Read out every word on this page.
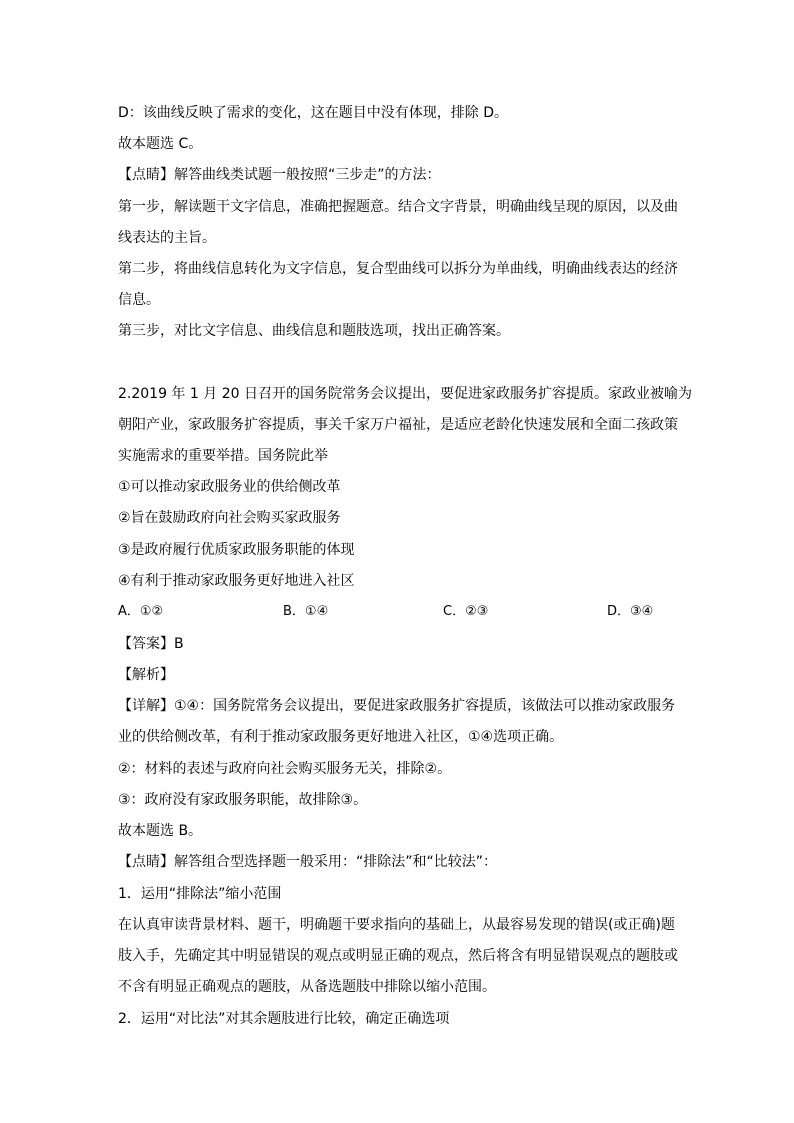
D：该曲线反映了需求的变化，这在题目中没有体现，排除 D。
故本题选 C。
【点睛】解答曲线类试题一般按照“三步走”的方法：
第一步，解读题干文字信息，准确把握题意。结合文字背景，明确曲线呈现的原因，以及曲
线表达的主旨。
第二步，将曲线信息转化为文字信息，复合型曲线可以拆分为单曲线，明确曲线表达的经济
信息。
第三步，对比文字信息、曲线信息和题肢选项，找出正确答案。
2.2019 年 1 月 20 日召开的国务院常务会议提出，要促进家政服务扩容提质。家政业被喻为
朝阳产业，家政服务扩容提质，事关千家万户福祉，是适应老龄化快速发展和全面二孩政策
实施需求的重要举措。国务院此举
①可以推动家政服务业的供给侧改革
②旨在鼓励政府向社会购买家政服务
③是政府履行优质家政服务职能的体现
④有利于推动家政服务更好地进入社区
A．①②	B．①④	C．②③	D．③④
【答案】B
【解析】
【详解】①④：国务院常务会议提出，要促进家政服务扩容提质，该做法可以推动家政服务
业的供给侧改革，有利于推动家政服务更好地进入社区，①④选项正确。
②：材料的表述与政府向社会购买服务无关，排除②。
③：政府没有家政服务职能，故排除③。
故本题选 B。
【点睛】解答组合型选择题一般采用：“排除法”和“比较法”：
1．运用“排除法”缩小范围
在认真审读背景材料、题干，明确题干要求指向的基础上，从最容易发现的错误(或正确)题
肢入手，先确定其中明显错误的观点或明显正确的观点，然后将含有明显错误观点的题肢或
不含有明显正确观点的题肢，从备选题肢中排除以缩小范围。
2．运用“对比法”对其余题肢进行比较，确定正确选项
